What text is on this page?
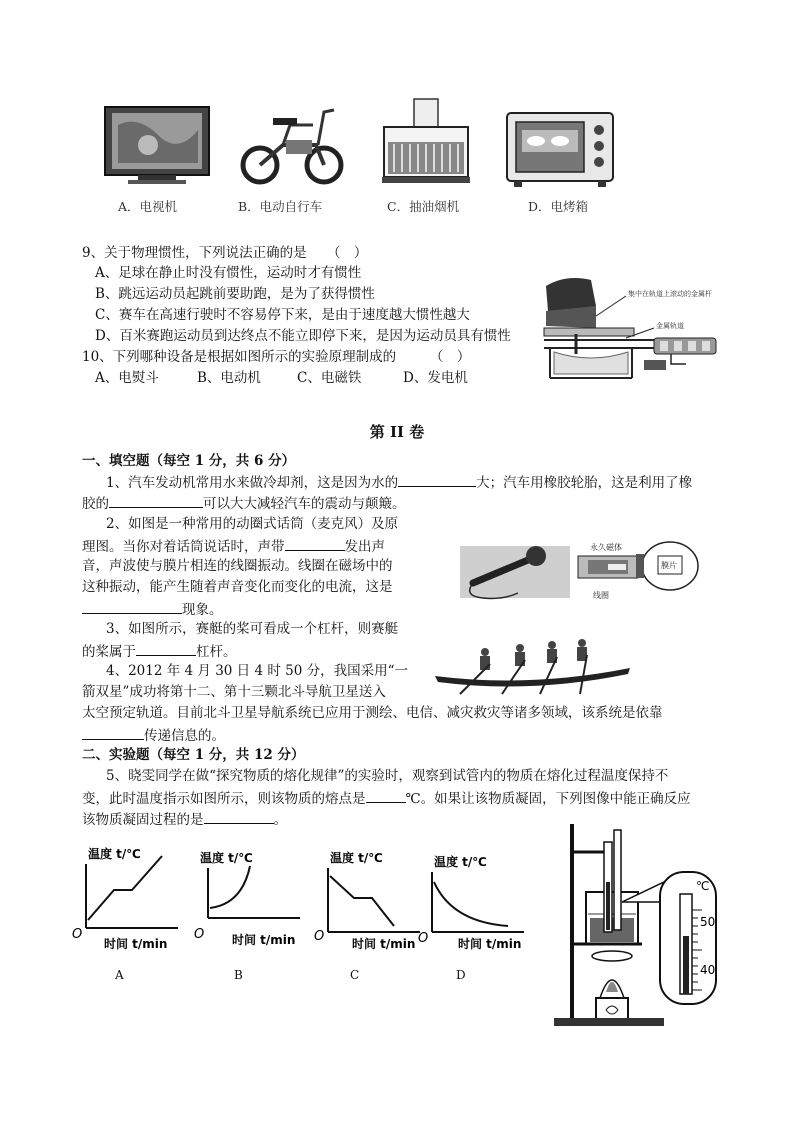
A．电视机	B．电动自行车	C．抽油烟机	D．电烤箱
9、关于物理惯性，下列说法正确的是　　（　）
A、足球在静止时没有惯性，运动时才有惯性
B、跳远运动员起跳前要助跑，是为了获得惯性
C、赛车在高速行驶时不容易停下来，是由于速度越大惯性越大
D、百米赛跑运动员到达终点不能立即停下来，是因为运动员具有惯性
10、下列哪种设备是根据如图所示的实验原理制成的　　　（　）
A、电熨斗	B、电动机	C、电磁铁	D、发电机
集中在轨道上滚动的金属杆
金属轨道
第 II 卷
一、填空题（每空 1 分，共 6 分）
1、汽车发动机常用水来做冷却剂，这是因为水的	大；汽车用橡胶轮胎，这是利用了橡
胶的	可以大大减轻汽车的震动与颠簸。
2、如图是一种常用的动圈式话筒（麦克风）及原
理图。当你对着话筒说话时，声带	发出声
音，声波使与膜片相连的线圈振动。线圈在磁场中的
这种振动，能产生随着声音变化而变化的电流，这是
现象。
永久磁体
膜片
线圈
3、如图所示，赛艇的桨可看成一个杠杆，则赛艇
的桨属于	杠杆。
4、2012 年 4 月 30 日 4 时 50 分，我国采用“一
箭双星”成功将第十二、第十三颗北斗导航卫星送入
太空预定轨道。目前北斗卫星导航系统已应用于测绘、电信、减灾救灾等诸多领域，该系统是依靠
传递信息的。
二、实验题（每空 1 分，共 12 分）
5、晓雯同学在做“探究物质的熔化规律”的实验时，观察到试管内的物质在熔化过程温度保持不
变，此时温度指示如图所示，则该物质的熔点是	℃。如果让该物质凝固，下列图像中能正确反应
该物质凝固过程的是	。
温度 t/℃
O
时间 t/min
温度 t/℃
O 时间 t/min
温度 t/℃
O 时间 t/min
温度 t/℃
O 时间 t/min
A	B	C	D
℃
50
40
